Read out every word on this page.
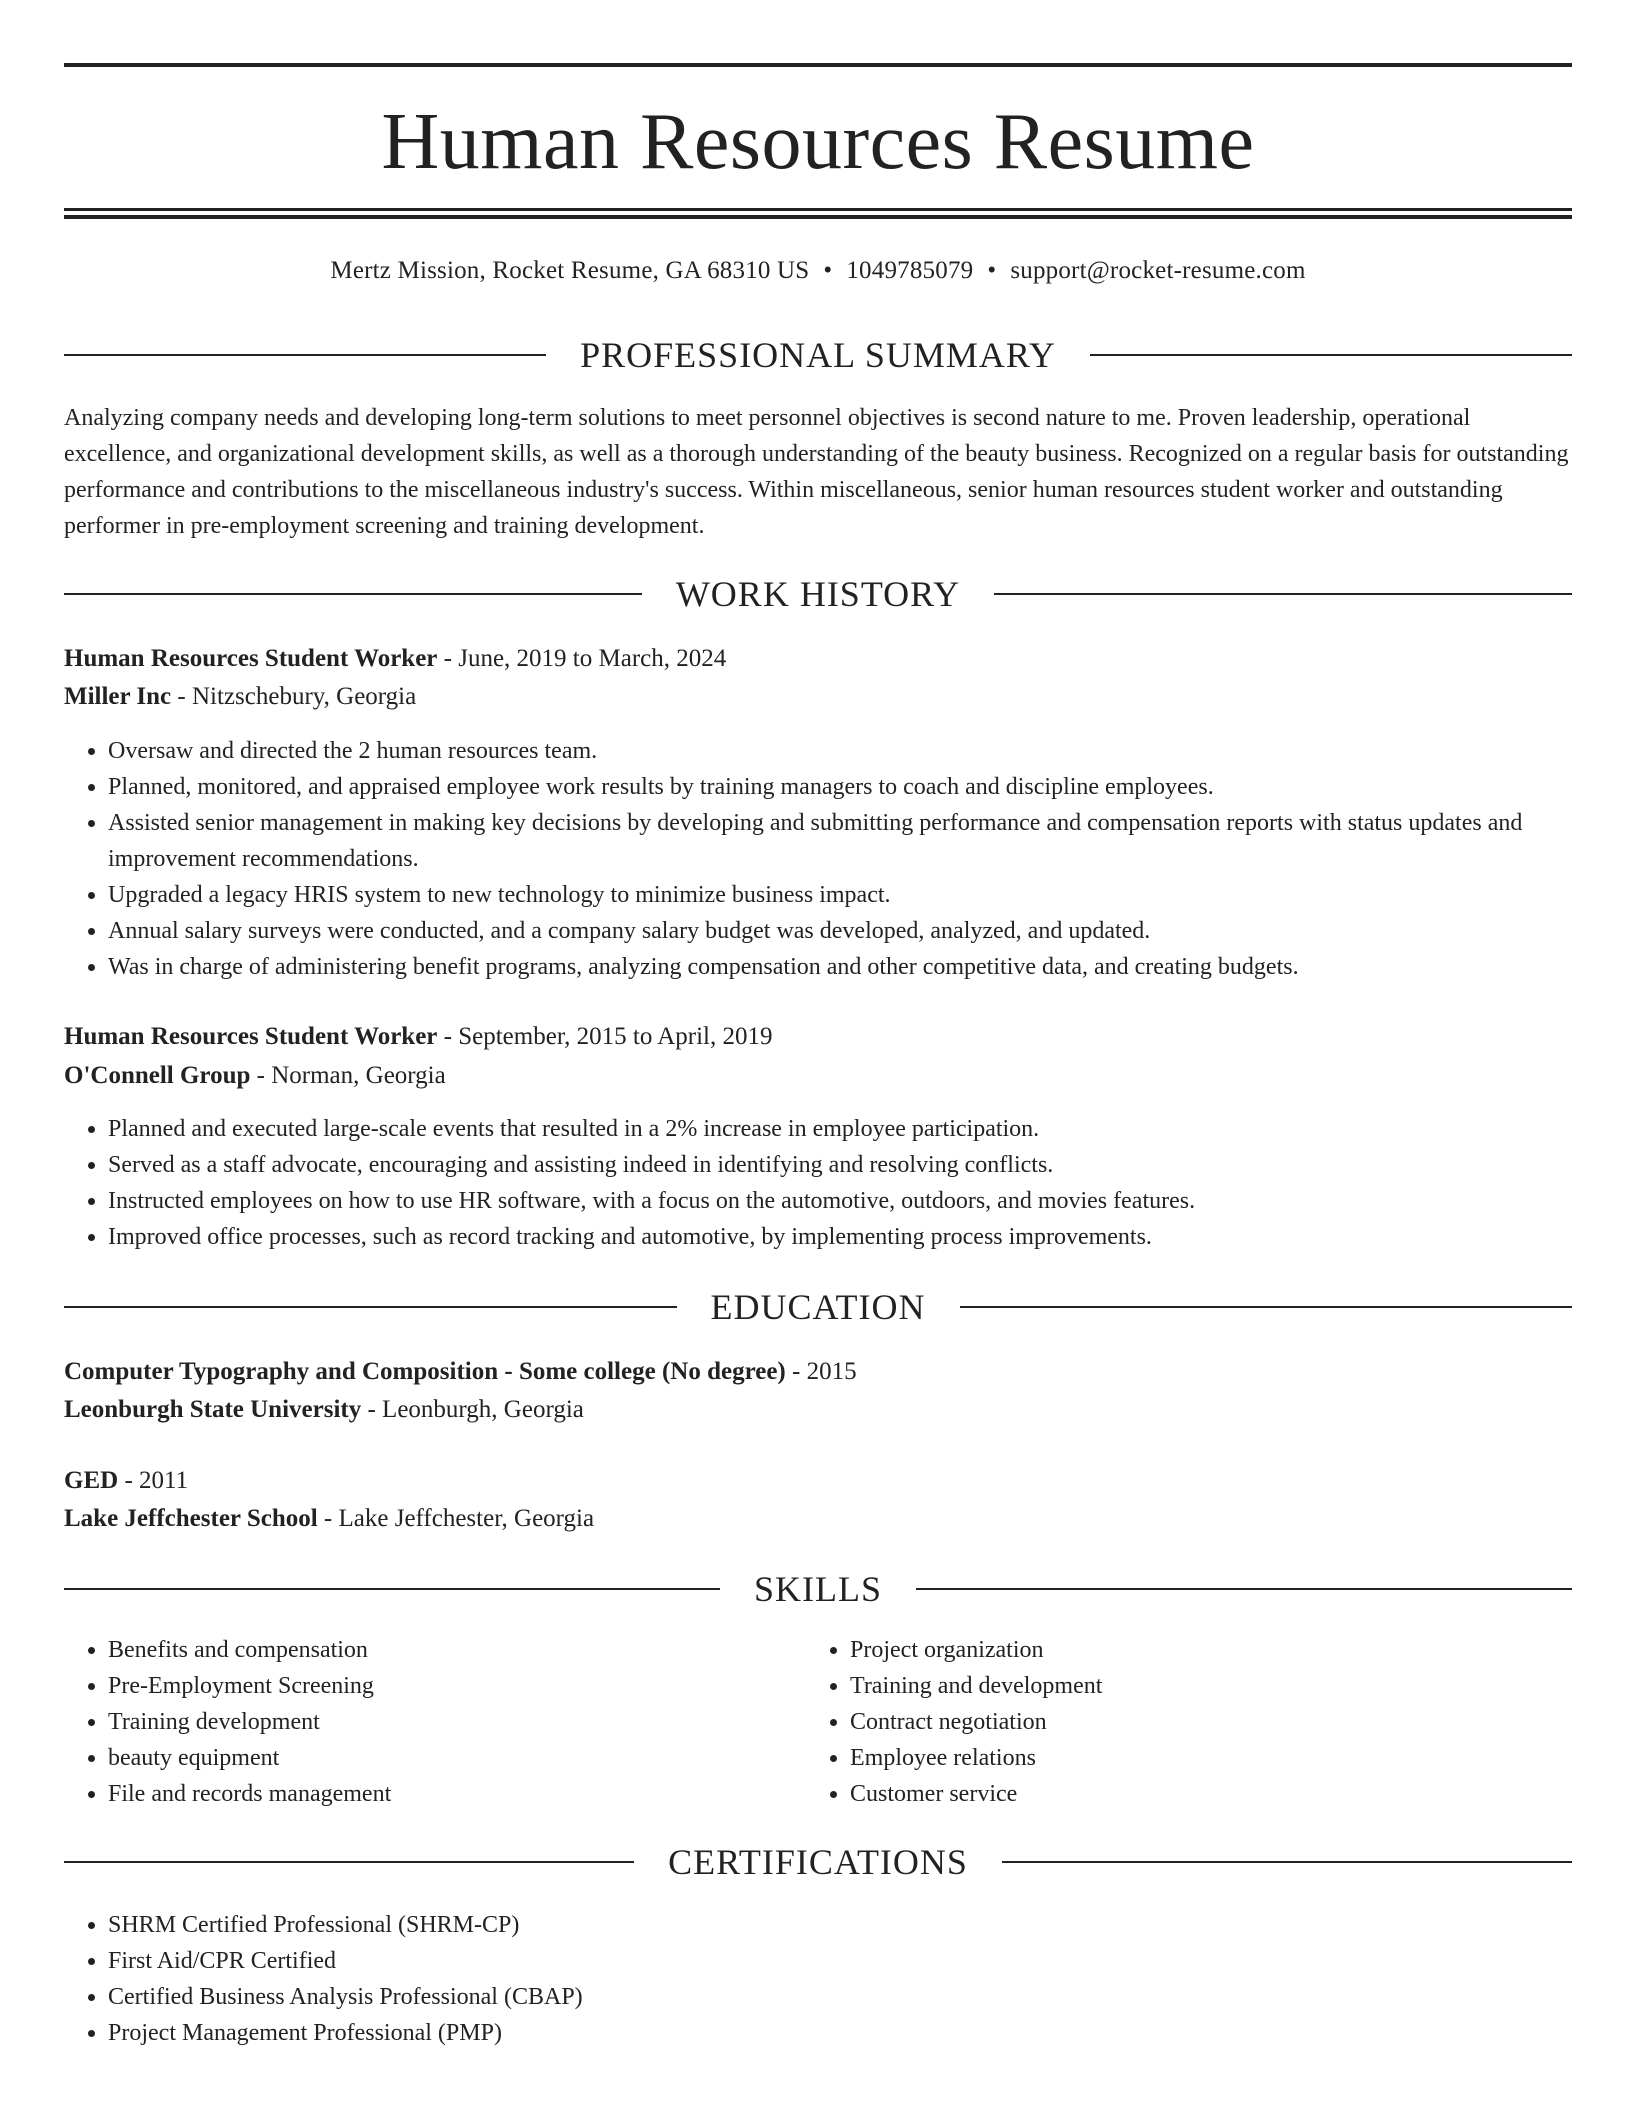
Human Resources Resume
Mertz Mission, Rocket Resume, GA 68310 US • 1049785079 • support@rocket-resume.com
PROFESSIONAL SUMMARY

Analyzing company needs and developing long-term solutions to meet personnel objectives is second nature to me. Proven leadership, operational excellence, and organizational development skills, as well as a thorough understanding of the beauty business. Recognized on a regular basis for outstanding performance and contributions to the miscellaneous industry's success. Within miscellaneous, senior human resources student worker and outstanding performer in pre-employment screening and training development.

WORK HISTORY
Human Resources Student Worker - June, 2019 to March, 2024
Miller Inc - Nitzschebury, Georgia
• Oversaw and directed the 2 human resources team.
• Planned, monitored, and appraised employee work results by training managers to coach and discipline employees.
• Assisted senior management in making key decisions by developing and submitting performance and compensation reports with status updates and improvement recommendations.
• Upgraded a legacy HRIS system to new technology to minimize business impact.
• Annual salary surveys were conducted, and a company salary budget was developed, analyzed, and updated.
• Was in charge of administering benefit programs, analyzing compensation and other competitive data, and creating budgets.
Human Resources Student Worker - September, 2015 to April, 2019
O'Connell Group - Norman, Georgia
• Planned and executed large-scale events that resulted in a 2% increase in employee participation.
• Served as a staff advocate, encouraging and assisting indeed in identifying and resolving conflicts.
• Instructed employees on how to use HR software, with a focus on the automotive, outdoors, and movies features.
• Improved office processes, such as record tracking and automotive, by implementing process improvements.
EDUCATION
Computer Typography and Composition - Some college (No degree) - 2015
Leonburgh State University - Leonburgh, Georgia
GED - 2011
Lake Jeffchester School - Lake Jeffchester, Georgia
SKILLS
• Benefits and compensation
• Pre-Employment Screening
• Training development
• beauty equipment
• File and records management
• Project organization
• Training and development
• Contract negotiation
• Employee relations
• Customer service
CERTIFICATIONS
• SHRM Certified Professional (SHRM-CP)
• First Aid/CPR Certified
• Certified Business Analysis Professional (CBAP)
• Project Management Professional (PMP)
